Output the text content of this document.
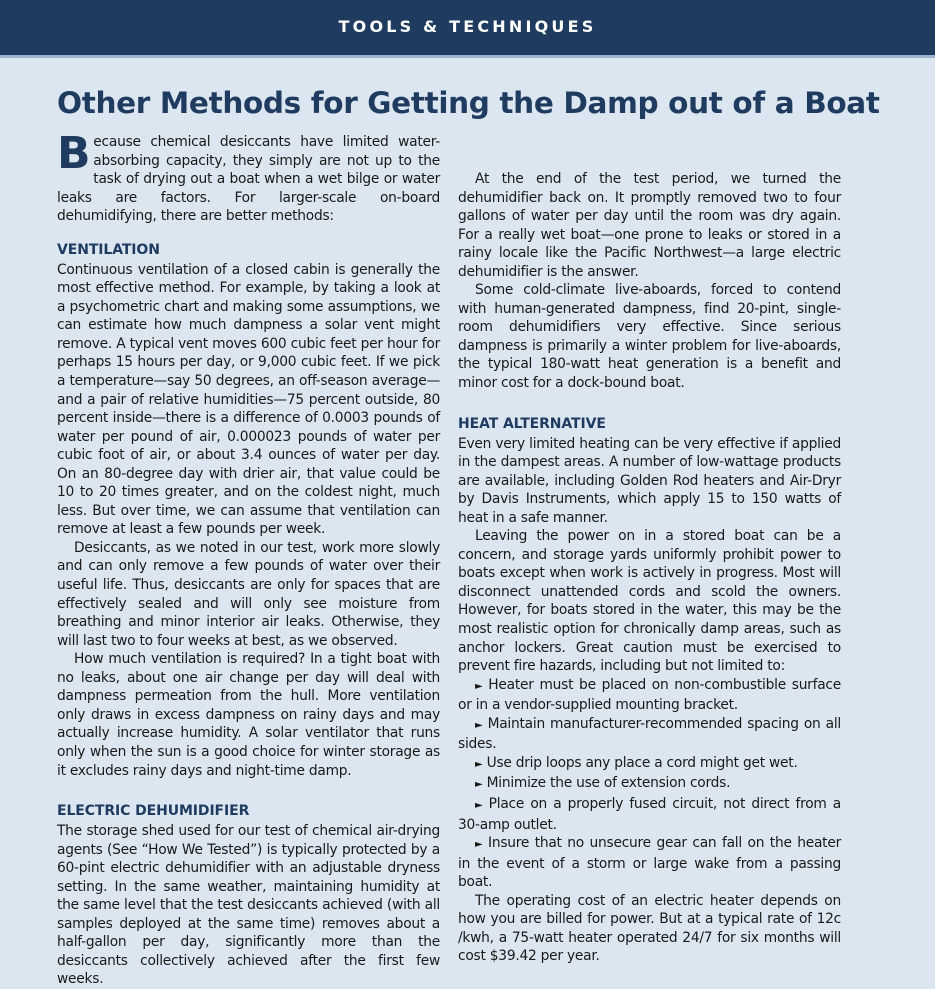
TOOLS & TECHNIQUES
Other Methods for Getting the Damp out of a Boat

Because chemical desiccants have limited water-absorbing capacity, they simply are not up to the task of drying out a boat when a wet bilge or water leaks are factors. For larger-scale on-board dehumidifying, there are better methods:

VENTILATION

Continuous ventilation of a closed cabin is generally the most effective method. For example, by taking a look at a psychometric chart and making some assumptions, we can estimate how much dampness a solar vent might remove. A typical vent moves 600 cubic feet per hour for perhaps 15 hours per day, or 9,000 cubic feet. If we pick a temperature—say 50 degrees, an off-season average—and a pair of relative humidities—75 percent outside, 80 percent inside—there is a difference of 0.0003 pounds of water per pound of air, 0.000023 pounds of water per cubic foot of air, or about 3.4 ounces of water per day. On an 80-degree day with drier air, that value could be 10 to 20 times greater, and on the coldest night, much less. But over time, we can assume that ventilation can remove at least a few pounds per week.

Desiccants, as we noted in our test, work more slowly and can only remove a few pounds of water over their useful life. Thus, desiccants are only for spaces that are effectively sealed and will only see moisture from breathing and minor interior air leaks. Otherwise, they will last two to four weeks at best, as we observed.

How much ventilation is required? In a tight boat with no leaks, about one air change per day will deal with dampness permeation from the hull. More ventilation only draws in excess dampness on rainy days and may actually increase humidity. A solar ventilator that runs only when the sun is a good choice for winter storage as it excludes rainy days and night-time damp.

ELECTRIC DEHUMIDIFIER

The storage shed used for our test of chemical air-drying agents (See “How We Tested”) is typically protected by a 60-pint electric dehumidifier with an adjustable dryness setting. In the same weather, maintaining humidity at the same level that the test desiccants achieved (with all samples deployed at the same time) removes about a half-gallon per day, significantly more than the desiccants collectively achieved after the first few weeks.

At the end of the test period, we turned the dehumidifier back on. It promptly removed two to four gallons of water per day until the room was dry again. For a really wet boat—one prone to leaks or stored in a rainy locale like the Pacific Northwest—a large electric dehumidifier is the answer.

Some cold-climate live-aboards, forced to contend with human-generated dampness, find 20-pint, single-room dehumidifiers very effective. Since serious dampness is primarily a winter problem for live-aboards, the typical 180-watt heat generation is a benefit and minor cost for a dock-bound boat.

HEAT ALTERNATIVE

Even very limited heating can be very effective if applied in the dampest areas. A number of low-wattage products are available, including Golden Rod heaters and Air-Dryr by Davis Instruments, which apply 15 to 150 watts of heat in a safe manner.

Leaving the power on in a stored boat can be a concern, and storage yards uniformly prohibit power to boats except when work is actively in progress. Most will disconnect unattended cords and scold the owners. However, for boats stored in the water, this may be the most realistic option for chronically damp areas, such as anchor lockers. Great caution must be exercised to prevent fire hazards, including but not limited to:

► Heater must be placed on non-combustible surface or in a vendor-supplied mounting bracket.

► Maintain manufacturer-recommended spacing on all sides.

► Use drip loops any place a cord might get wet.

► Minimize the use of extension cords.

► Place on a properly fused circuit, not direct from a 30-amp outlet.

► Insure that no unsecure gear can fall on the heater in the event of a storm or large wake from a passing boat.

The operating cost of an electric heater depends on how you are billed for power. But at a typical rate of 12c /kwh, a 75-watt heater operated 24/7 for six months will cost $39.42 per year.
